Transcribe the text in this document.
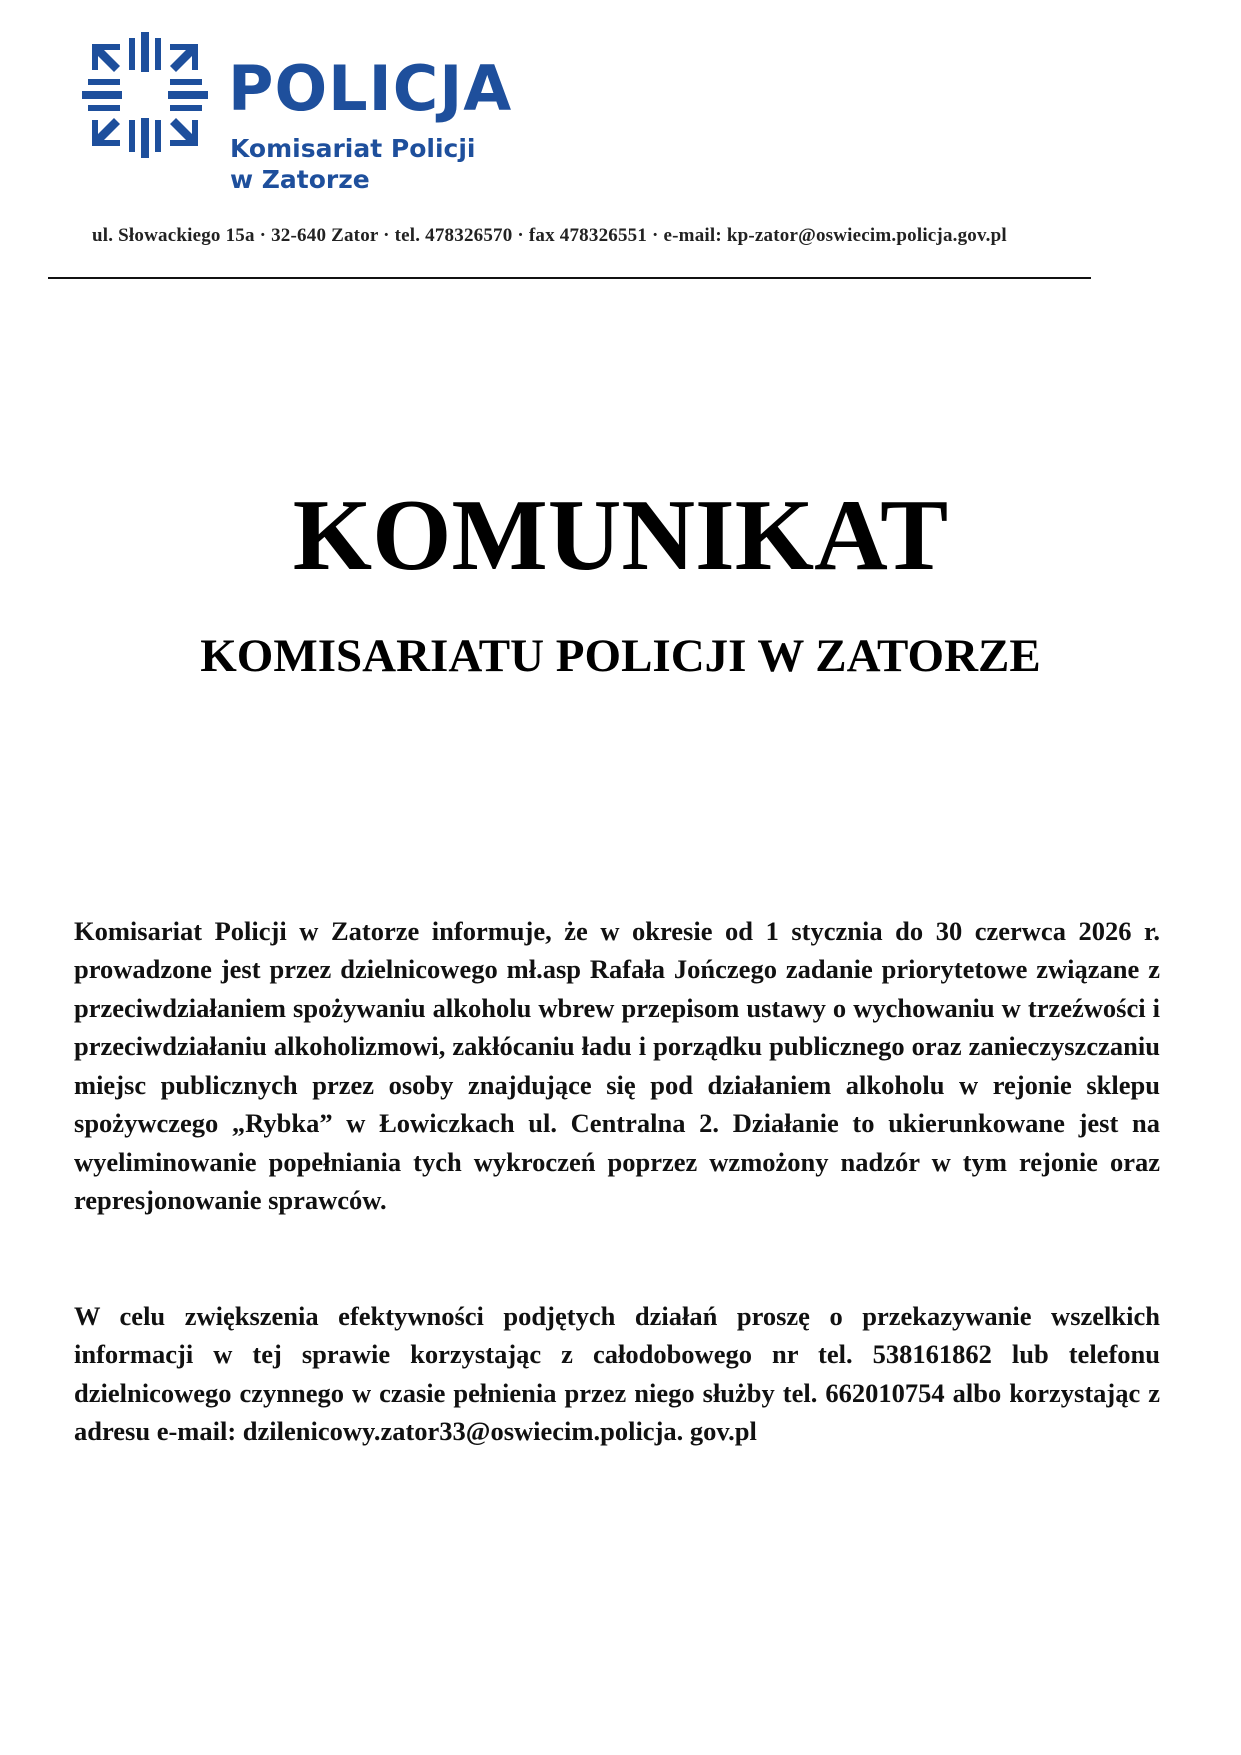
POLICJA
Komisariat Policji
w Zatorze
ul. Słowackiego 15a · 32-640 Zator · tel. 478326570 · fax 478326551 · e-mail: kp-zator@oswiecim.policja.gov.pl
KOMUNIKAT
KOMISARIATU POLICJI W ZATORZE

Komisariat Policji w Zatorze informuje, że w okresie od 1 stycznia do 30 czerwca 2026 r. prowadzone jest przez dzielnicowego mł.asp Rafała Jończego zadanie priorytetowe związane z przeciwdziałaniem spożywaniu alkoholu wbrew przepisom ustawy o wychowaniu w trzeźwości i przeciwdziałaniu alkoholizmowi, zakłócaniu ładu i porządku publicznego oraz zanieczyszczaniu miejsc publicznych przez osoby znajdujące się pod działaniem alkoholu w rejonie sklepu spożywczego „Rybka” w Łowiczkach ul. Centralna 2. Działanie to ukierunkowane jest na wyeliminowanie popełniania tych wykroczeń poprzez wzmożony nadzór w tym rejonie oraz represjonowanie sprawców.

W celu zwiększenia efektywności podjętych działań proszę o przekazywanie wszelkich informacji w tej sprawie korzystając z całodobowego nr tel. 538161862 lub telefonu dzielnicowego czynnego w czasie pełnienia przez niego służby tel. 662010754 albo korzystając z adresu e-mail: dzilenicowy.zator33@oswiecim.policja. gov.pl
